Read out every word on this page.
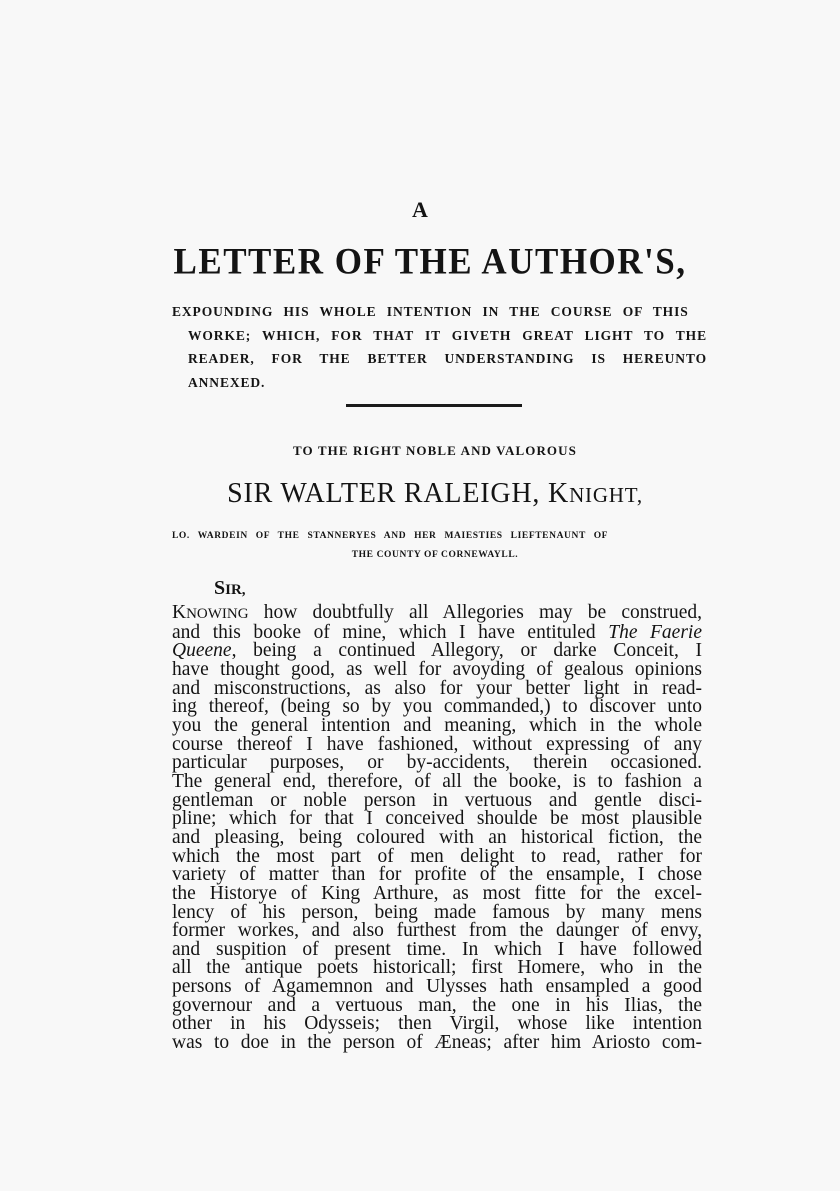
A
LETTER OF THE AUTHOR'S,
EXPOUNDING HIS WHOLE INTENTION IN THE COURSE OF THIS
WORKE; WHICH, FOR THAT IT GIVETH GREAT LIGHT TO THE READER, FOR THE BETTER UNDERSTANDING IS HEREUNTO ANNEXED.
TO THE RIGHT NOBLE AND VALOROUS
SIR WALTER RALEIGH, KNIGHT,
LO. WARDEIN OF THE STANNERYES AND HER MAIESTIES LIEFTENAUNT OF
THE COUNTY OF CORNEWAYLL.
SIR,
KNOWING how doubtfully all Allegories may be construed,
and this booke of mine, which I have entituled The Faerie
Queene, being a continued Allegory, or darke Conceit, I
have thought good, as well for avoyding of gealous opinions
and misconstructions, as also for your better light in read-
ing thereof, (being so by you commanded,) to discover unto
you the general intention and meaning, which in the whole
course thereof I have fashioned, without expressing of any
particular purposes, or by-accidents, therein occasioned.
The general end, therefore, of all the booke, is to fashion a
gentleman or noble person in vertuous and gentle disci-
pline; which for that I conceived shoulde be most plausible
and pleasing, being coloured with an historical fiction, the
which the most part of men delight to read, rather for
variety of matter than for profite of the ensample, I chose
the Historye of King Arthure, as most fitte for the excel-
lency of his person, being made famous by many mens
former workes, and also furthest from the daunger of envy,
and suspition of present time. In which I have followed
all the antique poets historicall; first Homere, who in the
persons of Agamemnon and Ulysses hath ensampled a good
governour and a vertuous man, the one in his Ilias, the
other in his Odysseis; then Virgil, whose like intention
was to doe in the person of Æneas; after him Ariosto com-
